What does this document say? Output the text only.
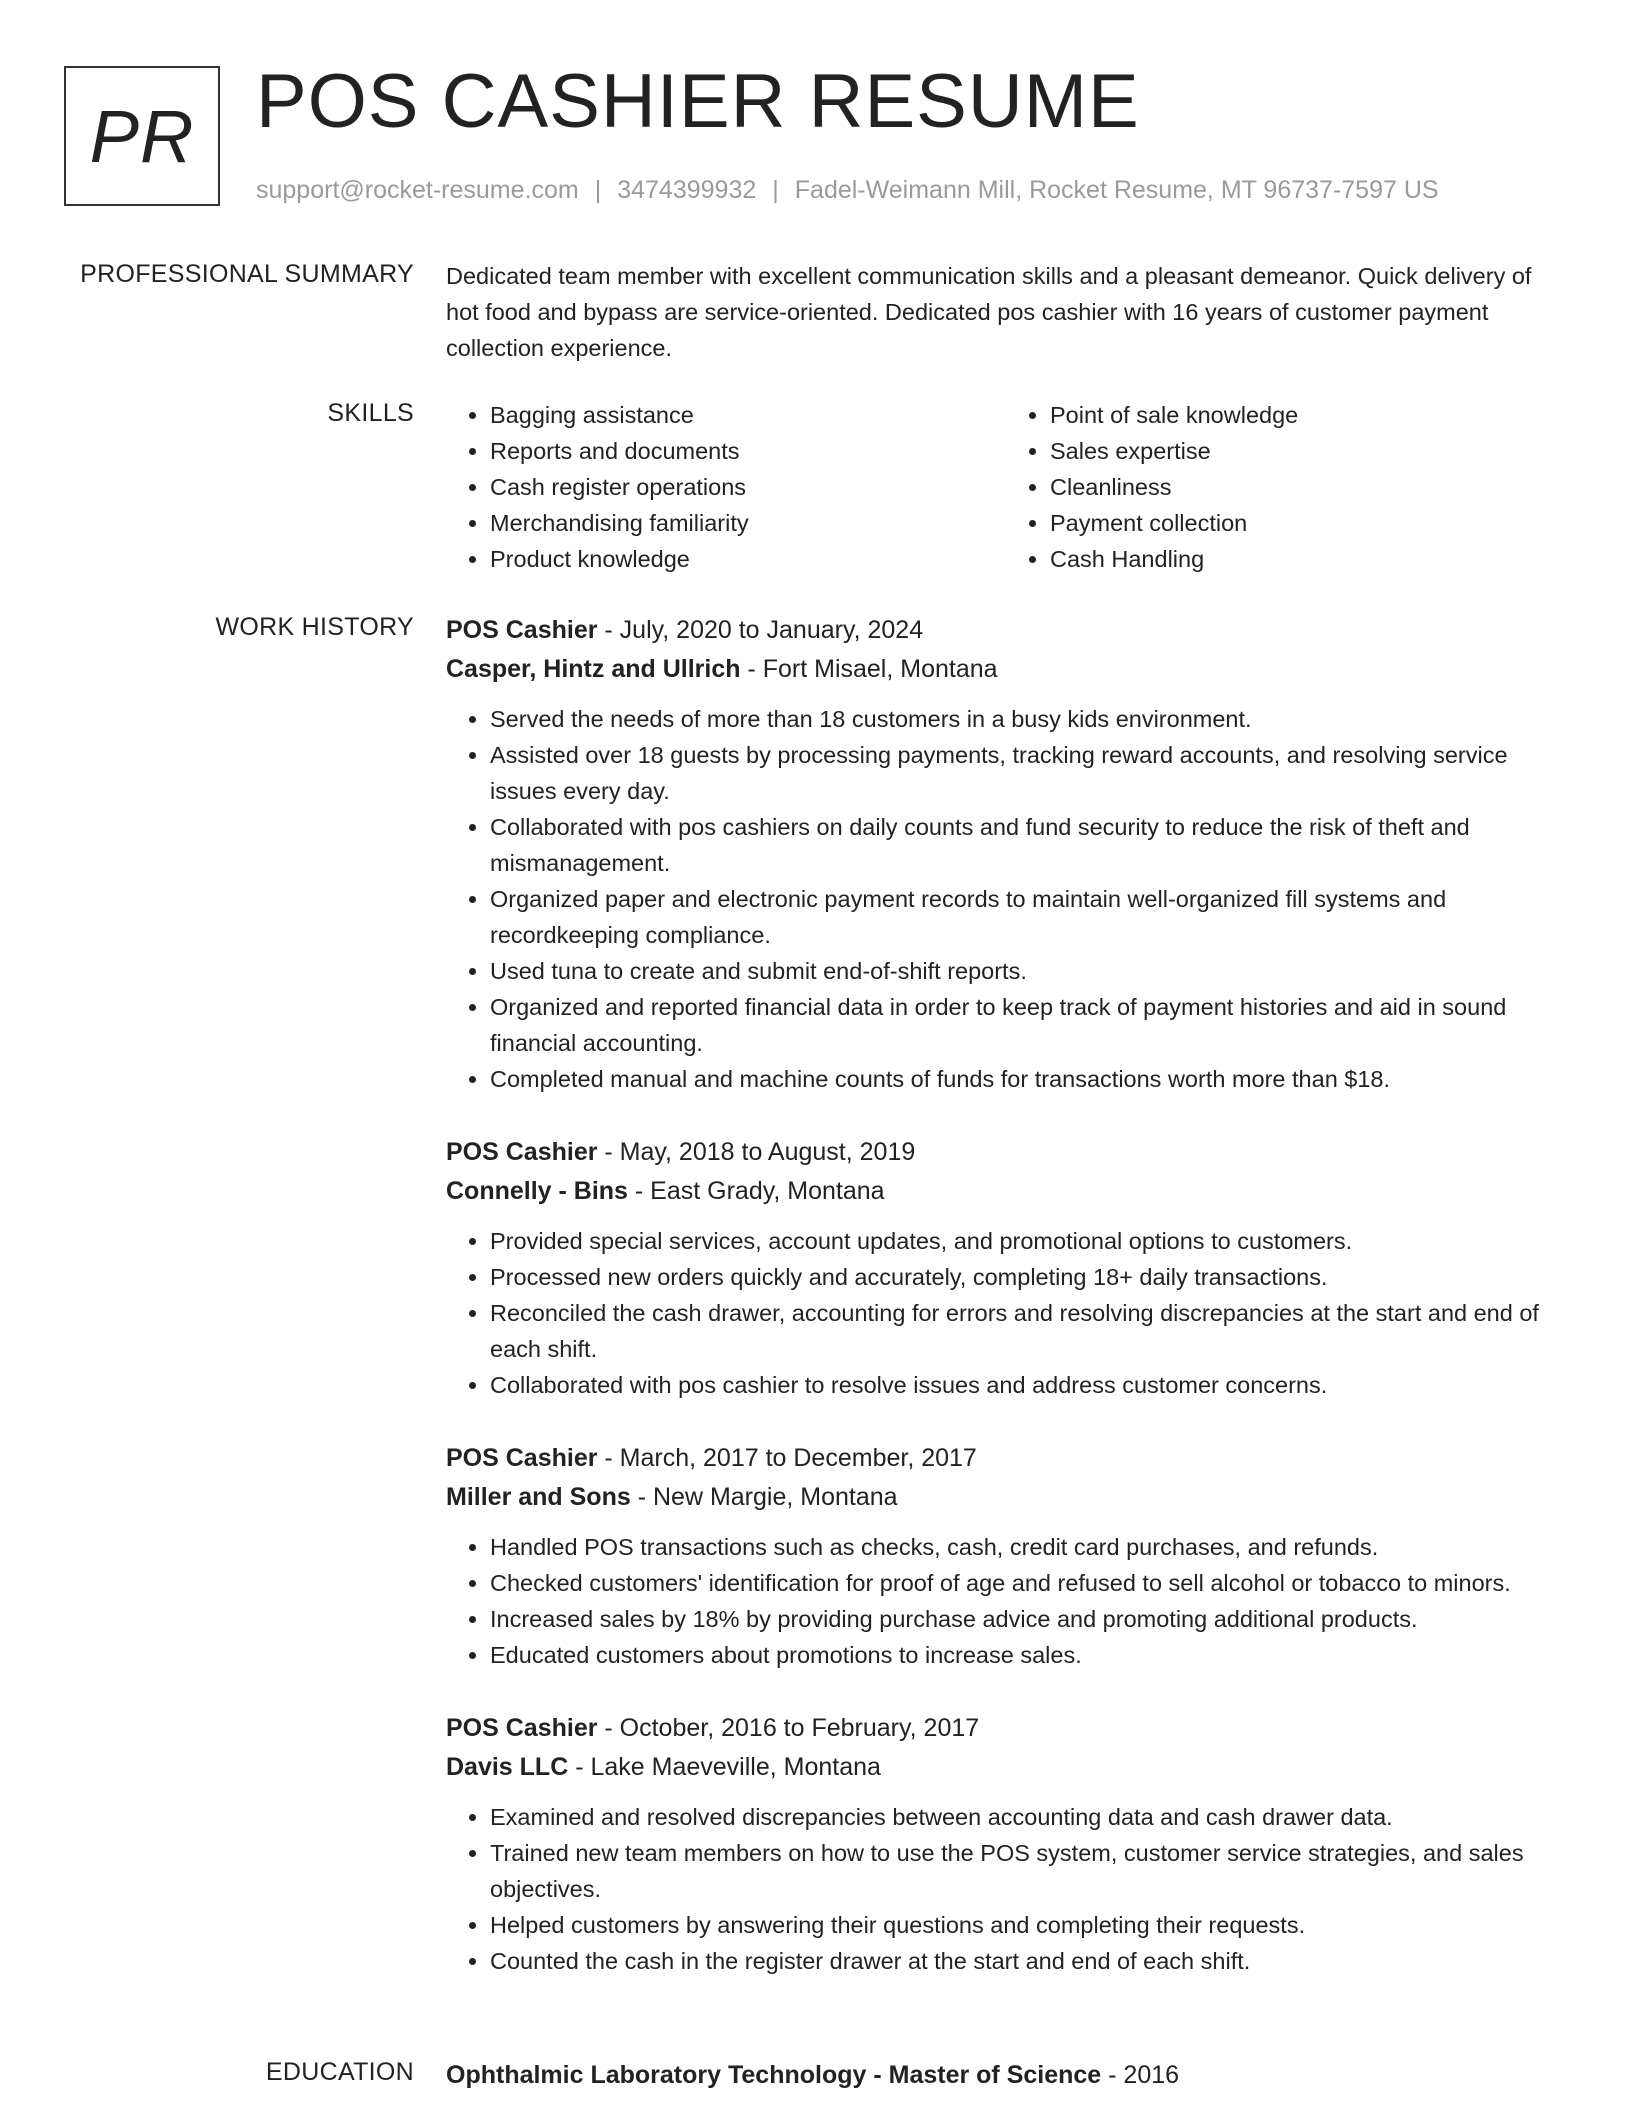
PR POS CASHIER RESUME
support@rocket-resume.com | 3474399932 | Fadel-Weimann Mill, Rocket Resume, MT 96737-7597 US
PROFESSIONAL SUMMARY Dedicated team member with excellent communication skills and a pleasant demeanor. Quick delivery of hot food and bypass are service-oriented. Dedicated pos cashier with 16 years of customer payment collection experience.

SKILLS
•	Bagging assistance
• Reports and documents
• Cash register operations
• Merchandising familiarity
• Product knowledge
• Point of sale knowledge
• Sales expertise
• Cleanliness
• Payment collection
• Cash Handling
WORK HISTORY POS Cashier - July, 2020 to January, 2024
Casper, Hintz and Ullrich - Fort Misael, Montana
• Served the needs of more than 18 customers in a busy kids environment.
• Assisted over 18 guests by processing payments, tracking reward accounts, and resolving service issues every day.
• Collaborated with pos cashiers on daily counts and fund security to reduce the risk of theft and mismanagement.
• Organized paper and electronic payment records to maintain well-organized fill systems and recordkeeping compliance.
• Used tuna to create and submit end-of-shift reports.
• Organized and reported financial data in order to keep track of payment histories and aid in sound financial accounting.
• Completed manual and machine counts of funds for transactions worth more than $18.
POS Cashier - May, 2018 to August, 2019
Connelly - Bins - East Grady, Montana
• Provided special services, account updates, and promotional options to customers.
• Processed new orders quickly and accurately, completing 18+ daily transactions.
• Reconciled the cash drawer, accounting for errors and resolving discrepancies at the start and end of each shift.
• Collaborated with pos cashier to resolve issues and address customer concerns.
POS Cashier - March, 2017 to December, 2017
Miller and Sons - New Margie, Montana
• Handled POS transactions such as checks, cash, credit card purchases, and refunds.
• Checked customers' identification for proof of age and refused to sell alcohol or tobacco to minors.
• Increased sales by 18% by providing purchase advice and promoting additional products.
• Educated customers about promotions to increase sales.
POS Cashier - October, 2016 to February, 2017
Davis LLC - Lake Maeveville, Montana
• Examined and resolved discrepancies between accounting data and cash drawer data.
• Trained new team members on how to use the POS system, customer service strategies, and sales objectives.
• Helped customers by answering their questions and completing their requests.
• Counted the cash in the register drawer at the start and end of each shift.
EDUCATION Ophthalmic Laboratory Technology - Master of Science - 2016
